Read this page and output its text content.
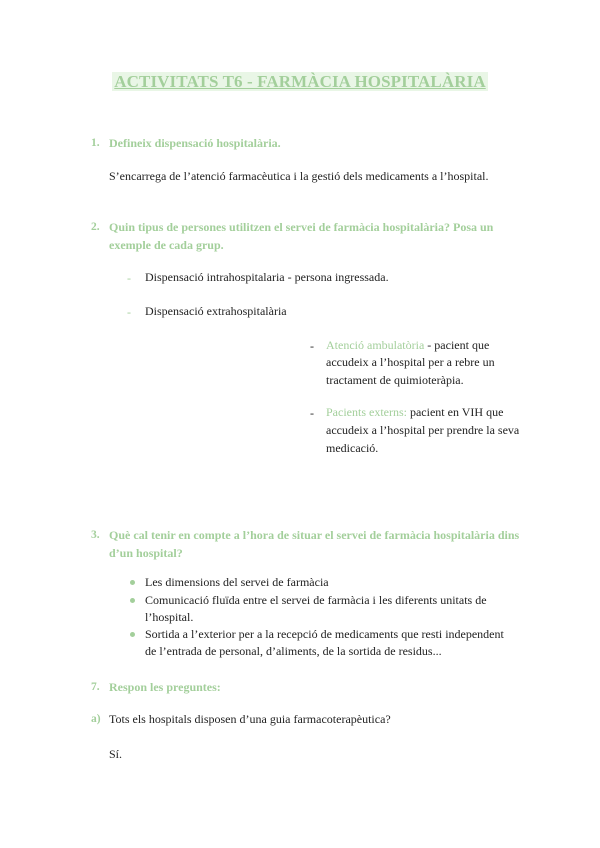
ACTIVITATS T6 - FARMÀCIA HOSPITALÀRIA
1. Defineix dispensació hospitalària.
S’encarrega de l’atenció farmacèutica i la gestió dels medicaments a l’hospital.
2. Quin tipus de persones utilitzen el servei de farmàcia hospitalària? Posa un
exemple de cada grup.
- Dispensació intrahospitalaria - persona ingressada.
- Dispensació extrahospitalària
- Atenció ambulatòria - pacient que
accudeix a l’hospital per a rebre un
tractament de quimioteràpia.
- Pacients externs: pacient en VIH que
accudeix a l’hospital per prendre la seva
medicació.
3. Què cal tenir en compte a l’hora de situar el servei de farmàcia hospitalària dins
d’un hospital?
Les dimensions del servei de farmàcia
Comunicació fluïda entre el servei de farmàcia i les diferents unitats de
l’hospital.
Sortida a l’exterior per a la recepció de medicaments que resti independent
de l’entrada de personal, d’aliments, de la sortida de residus...
7. Respon les preguntes:
a) Tots els hospitals disposen d’una guia farmacoterapèutica?
Sí.
